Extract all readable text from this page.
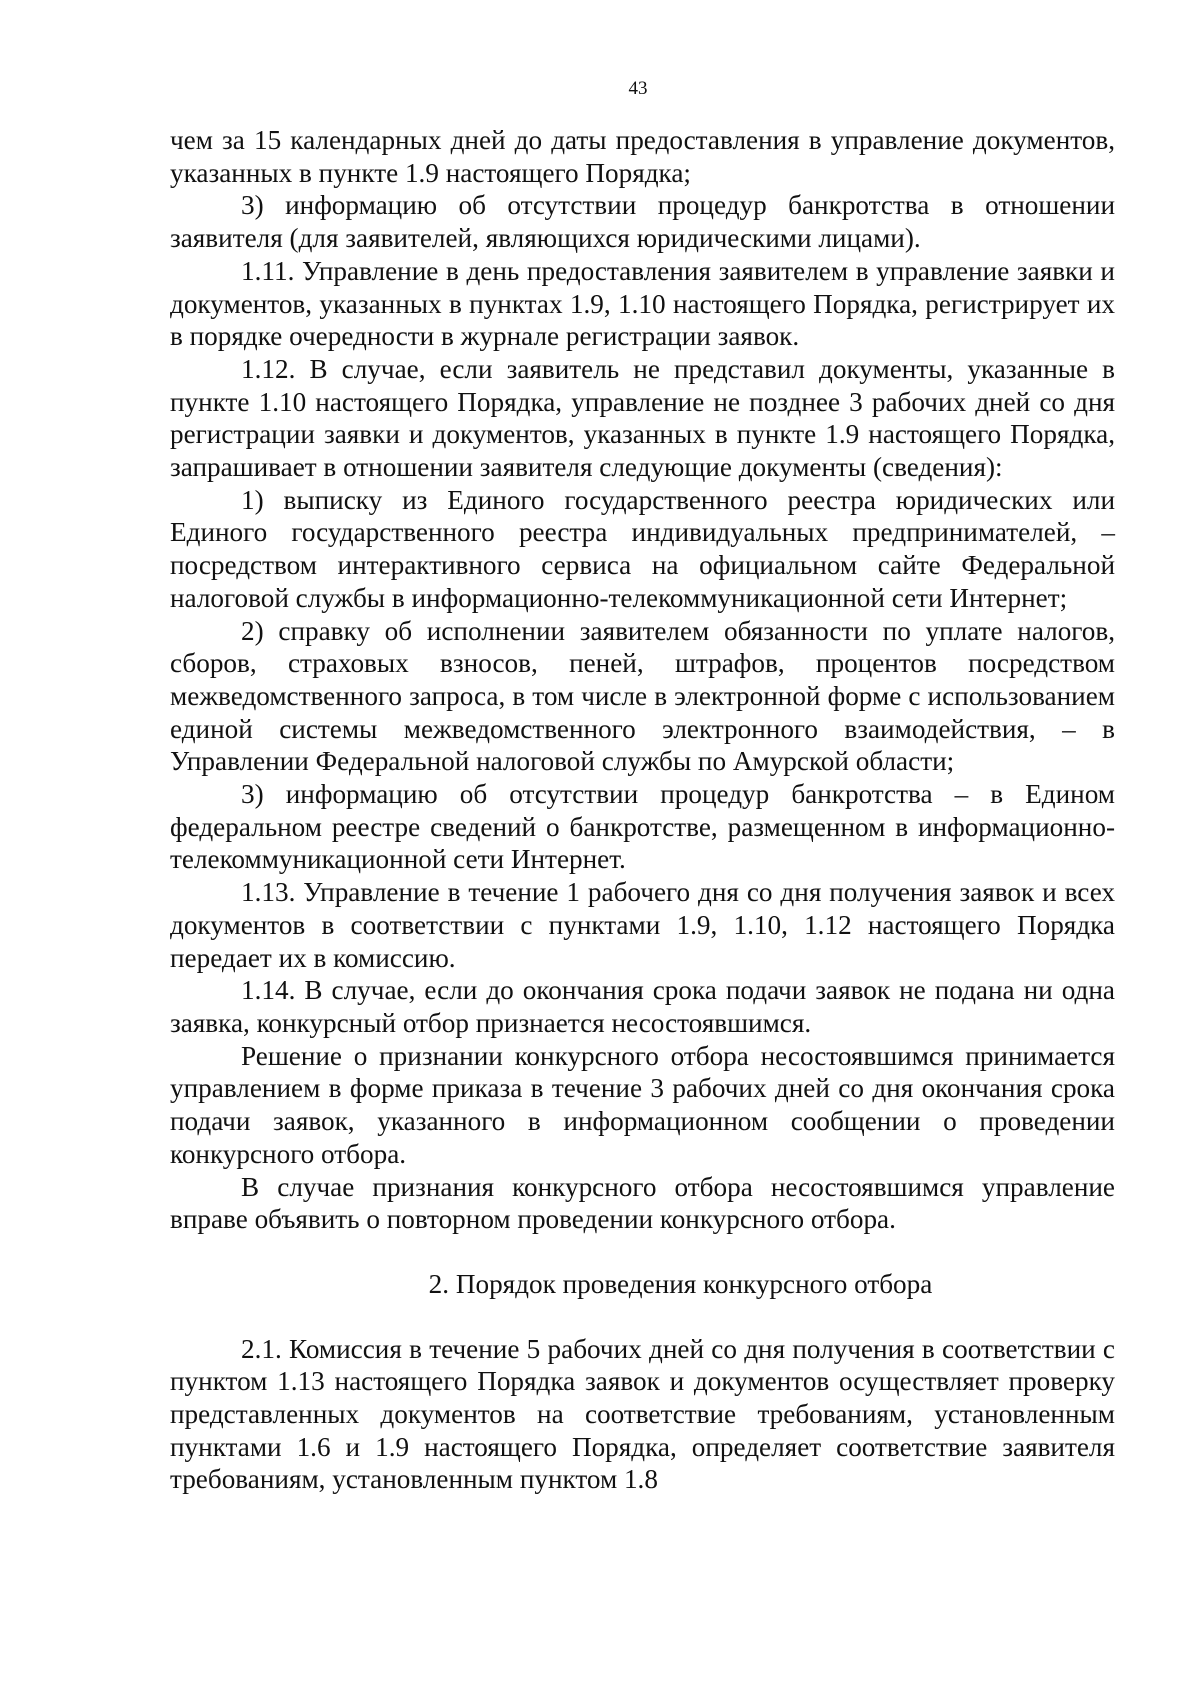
43

чем за 15 календарных дней до даты предоставления в управление документов, указанных в пункте 1.9 настоящего Порядка;

3) информацию об отсутствии процедур банкротства в отношении заявителя (для заявителей, являющихся юридическими лицами).

1.11. Управление в день предоставления заявителем в управление заявки и документов, указанных в пунктах 1.9, 1.10 настоящего Порядка, регистрирует их в порядке очередности в журнале регистрации заявок.

1.12. В случае, если заявитель не представил документы, указанные в пункте 1.10 настоящего Порядка, управление не позднее 3 рабочих дней со дня регистрации заявки и документов, указанных в пункте 1.9 настоящего Порядка, запрашивает в отношении заявителя следующие документы (сведения):

1) выписку из Единого государственного реестра юридических или Единого государственного реестра индивидуальных предпринимателей, – посредством интерактивного сервиса на официальном сайте Федеральной налоговой службы в информационно-телекоммуникационной сети Интернет;

2) справку об исполнении заявителем обязанности по уплате налогов, сборов, страховых взносов, пеней, штрафов, процентов посредством межведомственного запроса, в том числе в электронной форме с использованием единой системы межведомственного электронного взаимодействия, – в Управлении Федеральной налоговой службы по Амурской области;

3) информацию об отсутствии процедур банкротства – в Едином федеральном реестре сведений о банкротстве, размещенном в информационно-телекоммуникационной сети Интернет.

1.13. Управление в течение 1 рабочего дня со дня получения заявок и всех документов в соответствии с пунктами 1.9, 1.10, 1.12 настоящего Порядка передает их в комиссию.

1.14. В случае, если до окончания срока подачи заявок не подана ни одна заявка, конкурсный отбор признается несостоявшимся.

Решение о признании конкурсного отбора несостоявшимся принимается управлением в форме приказа в течение 3 рабочих дней со дня окончания срока подачи заявок, указанного в информационном сообщении о проведении конкурсного отбора.

В случае признания конкурсного отбора несостоявшимся управление вправе объявить о повторном проведении конкурсного отбора.

2. Порядок проведения конкурсного отбора

2.1. Комиссия в течение 5 рабочих дней со дня получения в соответствии с пунктом 1.13 настоящего Порядка заявок и документов осуществляет проверку представленных документов на соответствие требованиям, установленным пунктами 1.6 и 1.9 настоящего Порядка, определяет соответствие заявителя требованиям, установленным пунктом 1.8
